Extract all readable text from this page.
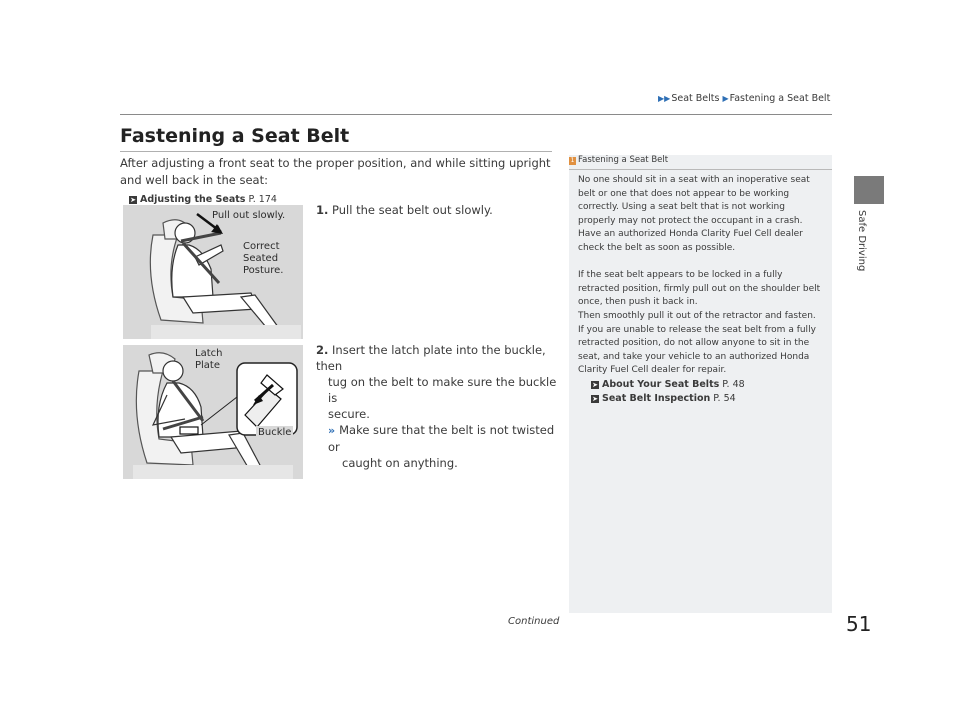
▶▶Seat Belts ▶Fastening a Seat Belt
Safe Driving
Fastening a Seat Belt
After adjusting a front seat to the proper position, and while sitting upright and well back in the seat:
➤ Adjusting the Seats P. 174
Pull out slowly.
Correct
Seated
Posture.
Latch
Plate
Buckle
1. Pull the seat belt out slowly.
2. Insert the latch plate into the buckle, then
tug on the belt to make sure the buckle is
secure.
» Make sure that the belt is not twisted or
caught on anything.
1 Fastening a Seat Belt

No one should sit in a seat with an inoperative seat

belt or one that does not appear to be working

correctly. Using a seat belt that is not working

properly may not protect the occupant in a crash.

Have an authorized Honda Clarity Fuel Cell dealer

check the belt as soon as possible.

If the seat belt appears to be locked in a fully

retracted position, firmly pull out on the shoulder belt

once, then push it back in.

Then smoothly pull it out of the retractor and fasten.

If you are unable to release the seat belt from a fully

retracted position, do not allow anyone to sit in the

seat, and take your vehicle to an authorized Honda

Clarity Fuel Cell dealer for repair.

➤ About Your Seat Belts P. 48
➤ Seat Belt Inspection P. 54
Continued	51
